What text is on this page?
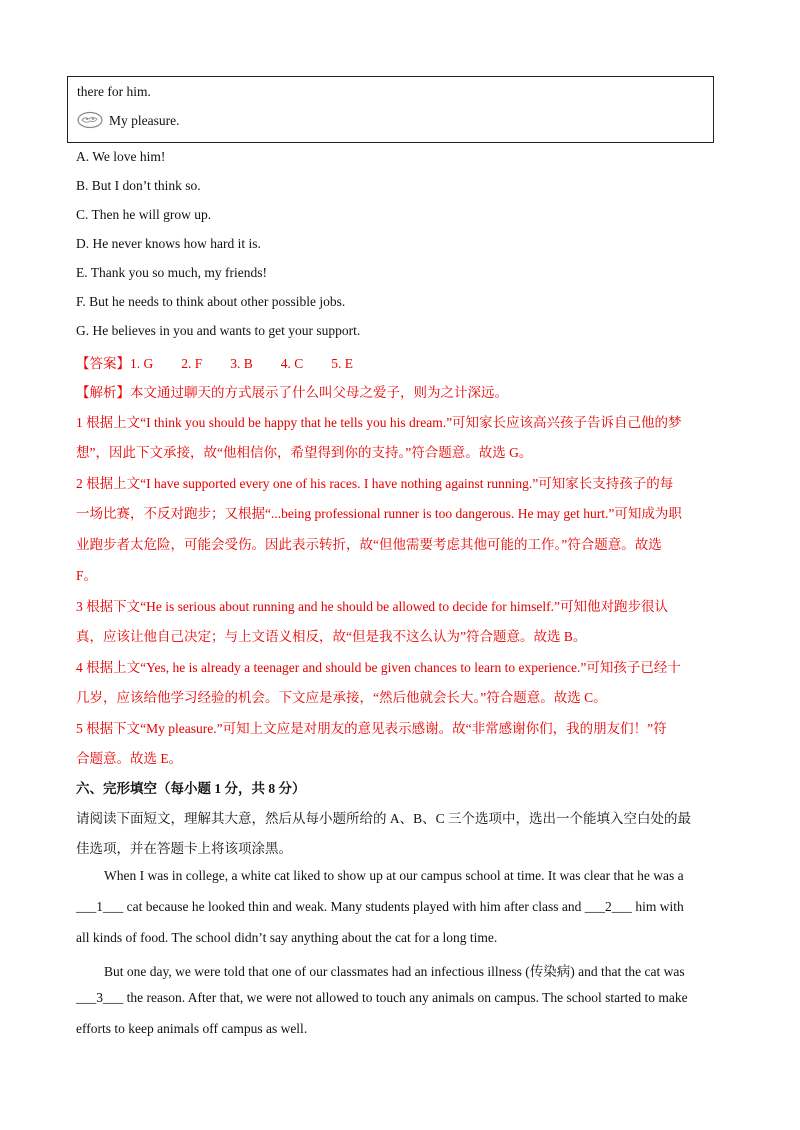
there for him.
My pleasure.
A. We love him!
B. But I don’t think so.
C. Then he will grow up.
D. He never knows how hard it is.
E. Thank you so much, my friends!
F. But he needs to think about other possible jobs.
G. He believes in you and wants to get your support.
【答案】1. G 2. F 3. B 4. C 5. E
【解析】本文通过聊天的方式展示了什么叫父母之爱子，则为之计深远。
1 根据上文“I think you should be happy that he tells you his dream.”可知家长应该高兴孩子告诉自己他的梦
想”，因此下文承接，故“他相信你，希望得到你的支持。”符合题意。故选 G。
2 根据上文“I have supported every one of his races. I have nothing against running.”可知家长支持孩子的每
一场比赛，不反对跑步；又根据“...being professional runner is too dangerous. He may get hurt.”可知成为职
业跑步者太危险，可能会受伤。因此表示转折，故“但他需要考虑其他可能的工作。”符合题意。故选
F。
3 根据下文“He is serious about running and he should be allowed to decide for himself.”可知他对跑步很认
真，应该让他自己决定；与上文语义相反，故“但是我不这么认为”符合题意。故选 B。
4 根据上文“Yes, he is already a teenager and should be given chances to learn to experience.”可知孩子已经十
几岁，应该给他学习经验的机会。下文应是承接，“然后他就会长大。”符合题意。故选 C。
5 根据下文“My pleasure.”可知上文应是对朋友的意见表示感谢。故“非常感谢你们，我的朋友们！”符
合题意。故选 E。
六、完形填空（每小题 1 分，共 8 分）
请阅读下面短文，理解其大意，然后从每小题所给的 A、B、C 三个选项中，选出一个能填入空白处的最
佳选项，并在答题卡上将该项涂黑。
When I was in college, a white cat liked to show up at our campus school at time. It was clear that he was a
___1___ cat because he looked thin and weak. Many students played with him after class and ___2___ him with
all kinds of food. The school didn’t say anything about the cat for a long time.
But one day, we were told that one of our classmates had an infectious illness (传染病) and that the cat was
___3___ the reason. After that, we were not allowed to touch any animals on campus. The school started to make
efforts to keep animals off campus as well.
